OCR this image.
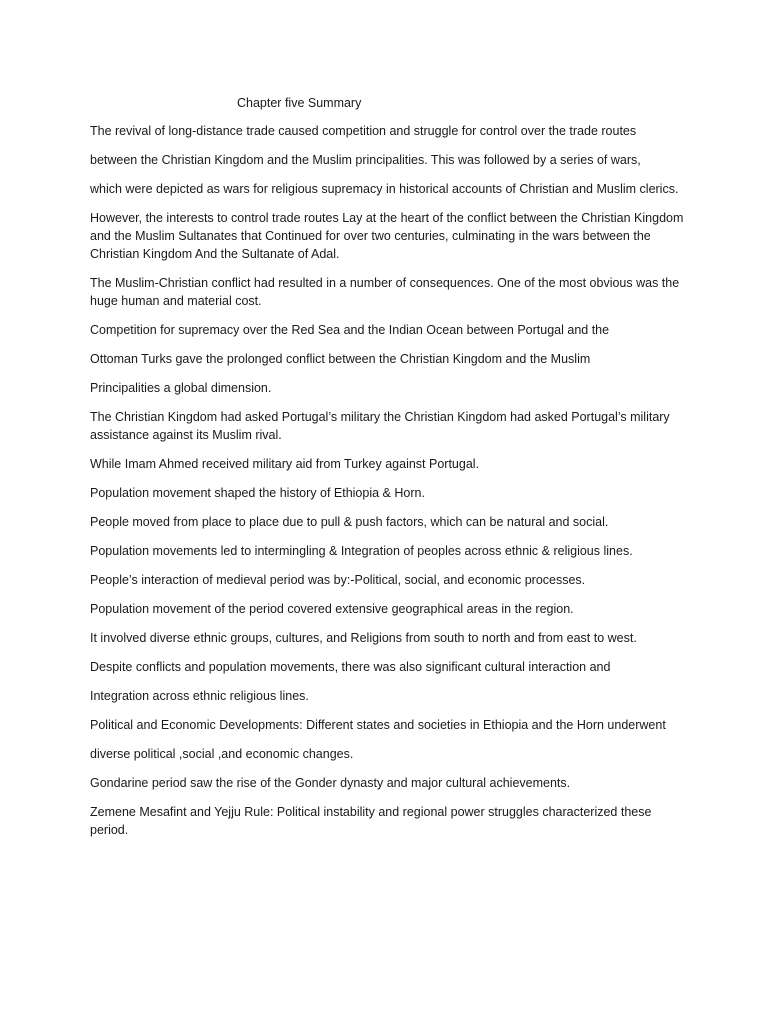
Chapter five Summary

The revival of long-distance trade caused competition and struggle for control over the trade routes

between the Christian Kingdom and the Muslim principalities. This was followed by a series of wars,

which were depicted as wars for religious supremacy in historical accounts of Christian and Muslim clerics.

However, the interests to control trade routes Lay at the heart of the conflict between the Christian Kingdom and the Muslim Sultanates that Continued for over two centuries, culminating in the wars between the Christian Kingdom And the Sultanate of Adal.

The Muslim-Christian conflict had resulted in a number of consequences. One of the most obvious was the huge human and material cost.

Competition for supremacy over the Red Sea and the Indian Ocean between Portugal and the

Ottoman Turks gave the prolonged conflict between the Christian Kingdom and the Muslim

Principalities a global dimension.

The Christian Kingdom had asked Portugal’s military the Christian Kingdom had asked Portugal’s military assistance against its Muslim rival.

While Imam Ahmed received military aid from Turkey against Portugal.

Population movement shaped the history of Ethiopia & Horn.

People moved from place to place due to pull & push factors, which can be natural and social.

Population movements led to intermingling & Integration of peoples across ethnic & religious lines.

People’s interaction of medieval period was by:-Political, social, and economic processes.

Population movement of the period covered extensive geographical areas in the region.

It involved diverse ethnic groups, cultures, and Religions from south to north and from east to west.

Despite conflicts and population movements, there was also significant cultural interaction and

Integration across ethnic religious lines.

Political and Economic Developments: Different states and societies in Ethiopia and the Horn underwent

diverse political ,social ,and economic changes.

Gondarine period saw the rise of the Gonder dynasty and major cultural achievements.

Zemene Mesafint and Yejju Rule: Political instability and regional power struggles characterized these period.
